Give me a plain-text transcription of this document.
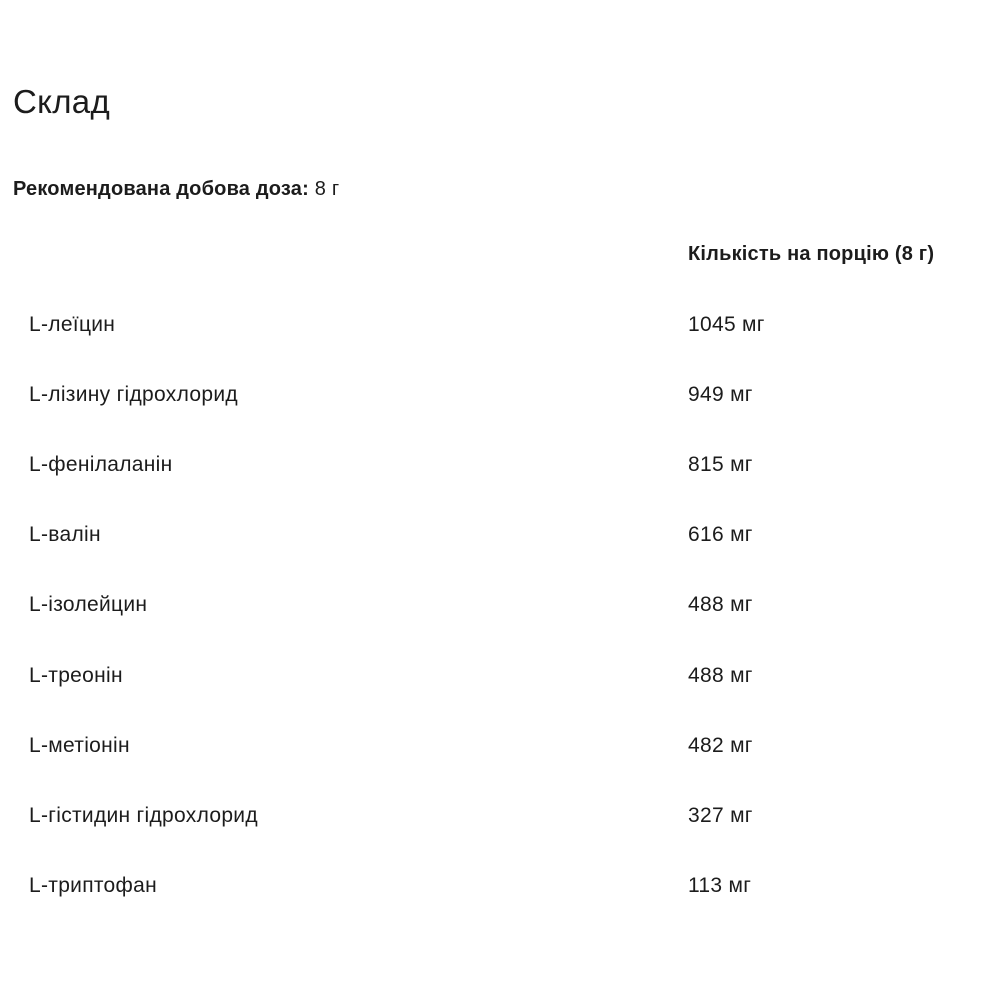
Склад
Рекомендована добова доза: 8 г
Кількість на порцію (8 г)
L-леїцин	1045 мг
L-лізину гідрохлорид	949 мг
L-фенілаланін	815 мг
L-валін	616 мг
L-ізолейцин	488 мг
L-треонін	488 мг
L-метіонін	482 мг
L-гістидин гідрохлорид	327 мг
L-триптофан	113 мг
